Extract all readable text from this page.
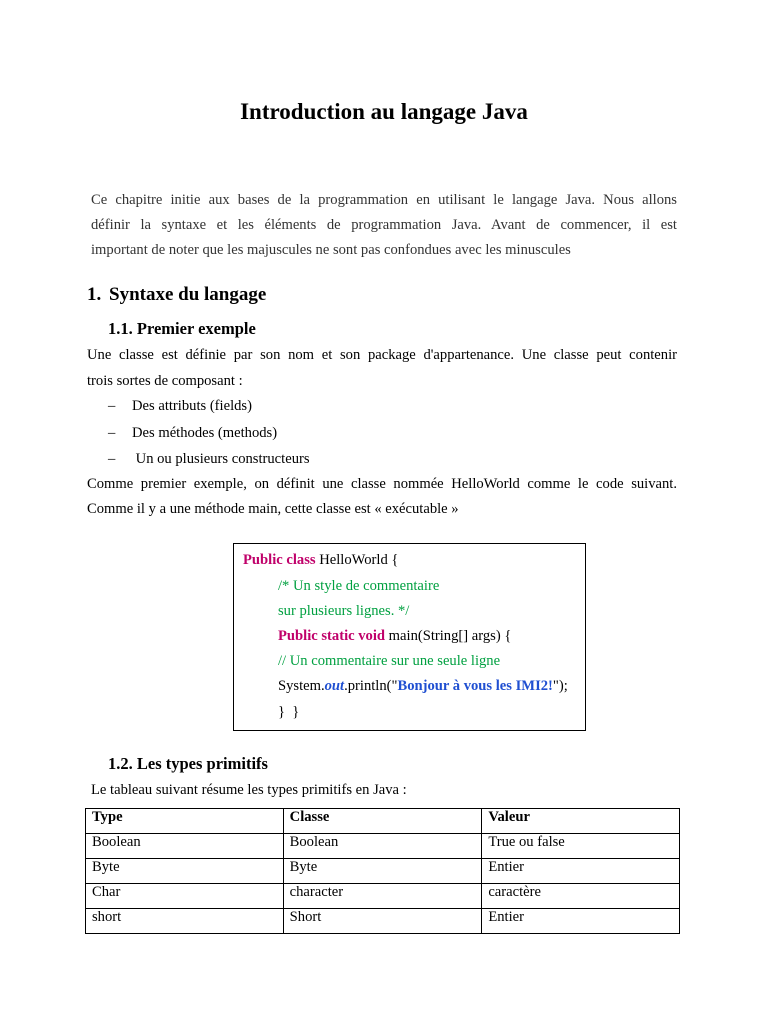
Introduction au langage Java
Ce chapitre initie aux bases de la programmation en utilisant le langage Java. Nous allons
définir la syntaxe et les éléments de programmation Java. Avant de commencer, il est
important de noter que les majuscules ne sont pas confondues avec les minuscules
1. Syntaxe du langage
1.1. Premier exemple
Une classe est définie par son nom et son package d'appartenance. Une classe peut contenir
trois sortes de composant :
– Des attributs (fields)
– Des méthodes (methods)
– Un ou plusieurs constructeurs
Comme premier exemple, on définit une classe nommée HelloWorld comme le code suivant.
Comme il y a une méthode main, cette classe est « exécutable »
Public class HelloWorld {
/* Un style de commentaire
sur plusieurs lignes. */
Public static void main(String[] args) {
// Un commentaire sur une seule ligne
System.out.println("Bonjour à vous les IMI2!");
}  }
1.2. Les types primitifs
Le tableau suivant résume les types primitifs en Java :
Type	Classe	Valeur
Boolean	Boolean	True ou false
Byte	Byte	Entier
Char	character	caractère
short	Short	Entier
